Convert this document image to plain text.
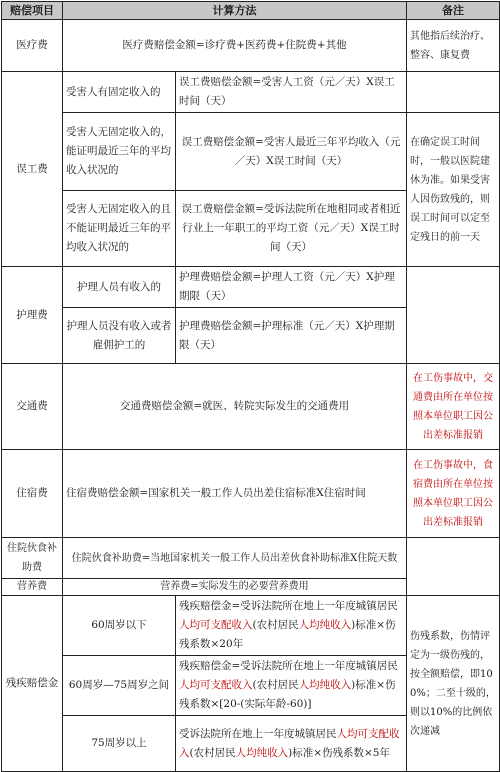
赔偿项目	计算方法		备注
医疗费	医疗费赔偿金额=诊疗费+医药费+住院费+其他		其他指后续治疗、整容、康复费
误工费	受害人有固定收入的	误工费赔偿金额=受害人工资（元／天）X误工时间（天）	
	受害人无固定收入的，能证明最近三年的平均收入状况的	误工费赔偿金额=受害人最近三年平均收入（元／天）X误工时间（天）	在确定误工时间时，一般以医院建休为准。如果受害人因伤致残的，则误工时间可以定至定残日的前一天
	受害人无固定收入的且不能证明最近三年的平均收入状况的	误工费赔偿金额=受诉法院所在地相同或者相近行业上一年职工的平均工资（元／天）X误工时间（天）	
护理费	护理人员有收入的	护理费赔偿金额=护理人工资（元／天）X护理期限（天）	
	护理人员没有收入或者雇佣护工的	护理费赔偿金额=护理标准（元／天）X护理期限（天）	
交通费	交通费赔偿金额=就医、转院实际发生的交通费用		在工伤事故中，交通费由所在单位按照本单位职工因公出差标准报销
住宿费	住宿费赔偿金额=国家机关一般工作人员出差住宿标准X住宿时间		在工伤事故中，食宿费由所在单位按照本单位职工因公出差标准报销
住院伙食补助费	住院伙食补助费=当地国家机关一般工作人员出差伙食补助标准X住院天数		
营养费	营养费=实际发生的必要营养费用		
残疾赔偿金	60周岁以下	残疾赔偿金=受诉法院所在地上一年度城镇居民人均可支配收入(农村居民人均纯收入)标准×伤残系数×20年	伤残系数，伤情评定为一级伤残的，按全额赔偿，即100%；二至十级的，则以10%的比例依次递减
	60周岁—75周岁之间	残疾赔偿金=受诉法院所在地上一年度城镇居民人均可支配收入(农村居民人均纯收入)标准×伤残系数×[20-(实际年龄-60)]	
	75周岁以上	受诉法院所在地上一年度城镇居民人均可支配收入(农村居民人均纯收入)标准×伤残系数×5年	
